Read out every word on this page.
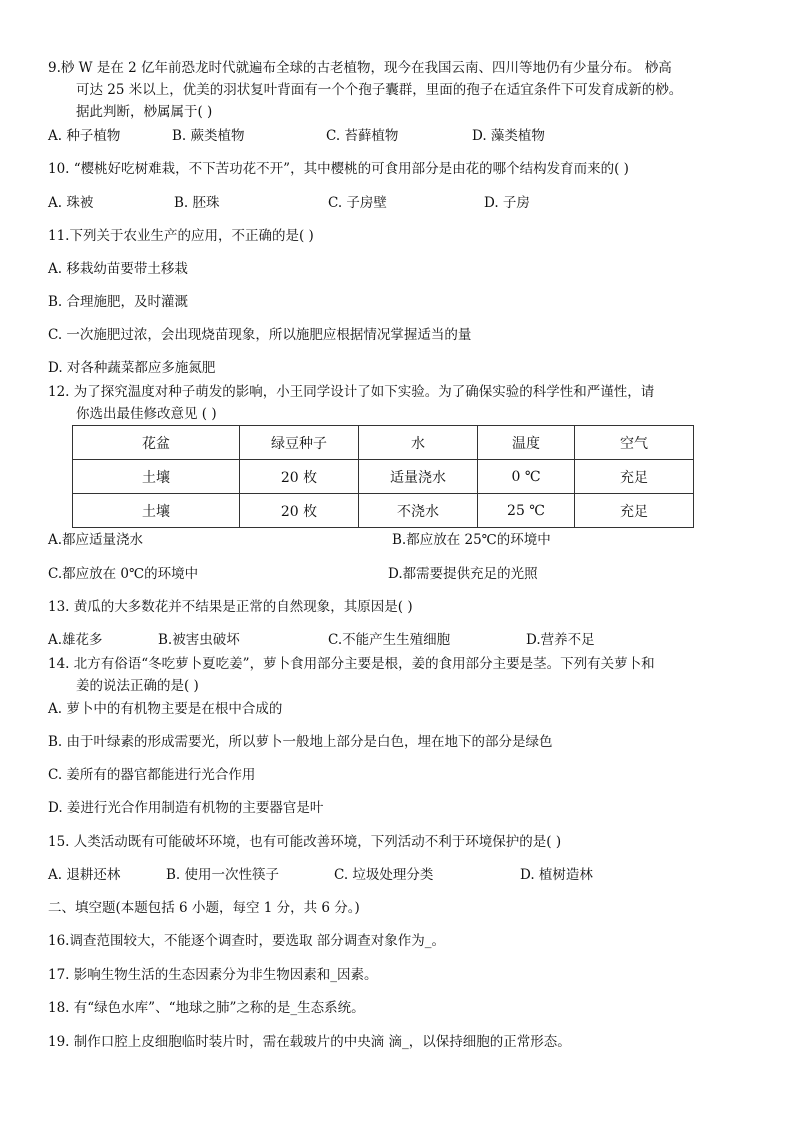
9.桫 W 是在 2 亿年前恐龙时代就遍布全球的古老植物，现今在我国云南、四川等地仍有少量分布。 桫高
可达 25 米以上，优美的羽状复叶背面有一个个孢子囊群，里面的孢子在适宜条件下可发育成新的桫。
据此判断，桫属属于( )
A. 种子植物	B. 蕨类植物	C. 苔藓植物	D. 藻类植物
10. “樱桃好吃树难栽，不下苦功花不开”，其中樱桃的可食用部分是由花的哪个结构发育而来的( )
A. 珠被	B. 胚珠	C. 子房壁	D. 子房
11.下列关于农业生产的应用，不正确的是( )
A. 移栽幼苗要带土移栽
B. 合理施肥，及时灌溉
C. 一次施肥过浓，会出现烧苗现象，所以施肥应根据情况掌握适当的量
D. 对各种蔬菜都应多施氮肥
12. 为了探究温度对种子萌发的影响，小王同学设计了如下实验。为了确保实验的科学性和严谨性，请
你选出最佳修改意见 ( )
花盆	绿豆种子	水	温度	空气
土壤	20 枚	适量浇水	0 ℃	充足
土壤	20 枚	不浇水	25 ℃	充足
A.都应适量浇水	B.都应放在 25℃的环境中
C.都应放在 0℃的环境中	D.都需要提供充足的光照
13. 黄瓜的大多数花并不结果是正常的自然现象，其原因是( )
A.雄花多	B.被害虫破坏	C.不能产生生殖细胞	D.营养不足
14. 北方有俗语“冬吃萝卜夏吃姜”，萝卜食用部分主要是根，姜的食用部分主要是茎。下列有关萝卜和
姜的说法正确的是( )
A. 萝卜中的有机物主要是在根中合成的
B. 由于叶绿素的形成需要光，所以萝卜一般地上部分是白色，埋在地下的部分是绿色
C. 姜所有的器官都能进行光合作用
D. 姜进行光合作用制造有机物的主要器官是叶
15. 人类活动既有可能破坏环境，也有可能改善环境，下列活动不利于环境保护的是( )
A. 退耕还林	B. 使用一次性筷子	C. 垃圾处理分类	D. 植树造林
二、填空题(本题包括 6 小题，每空 1 分，共 6 分。)
16.调查范围较大，不能逐个调查时，要选取 部分调查对象作为_。
17. 影响生物生活的生态因素分为非生物因素和_因素。
18. 有“绿色水库”、“地球之肺”之称的是_生态系统。
19. 制作口腔上皮细胞临时装片时，需在载玻片的中央滴 滴_，以保持细胞的正常形态。
